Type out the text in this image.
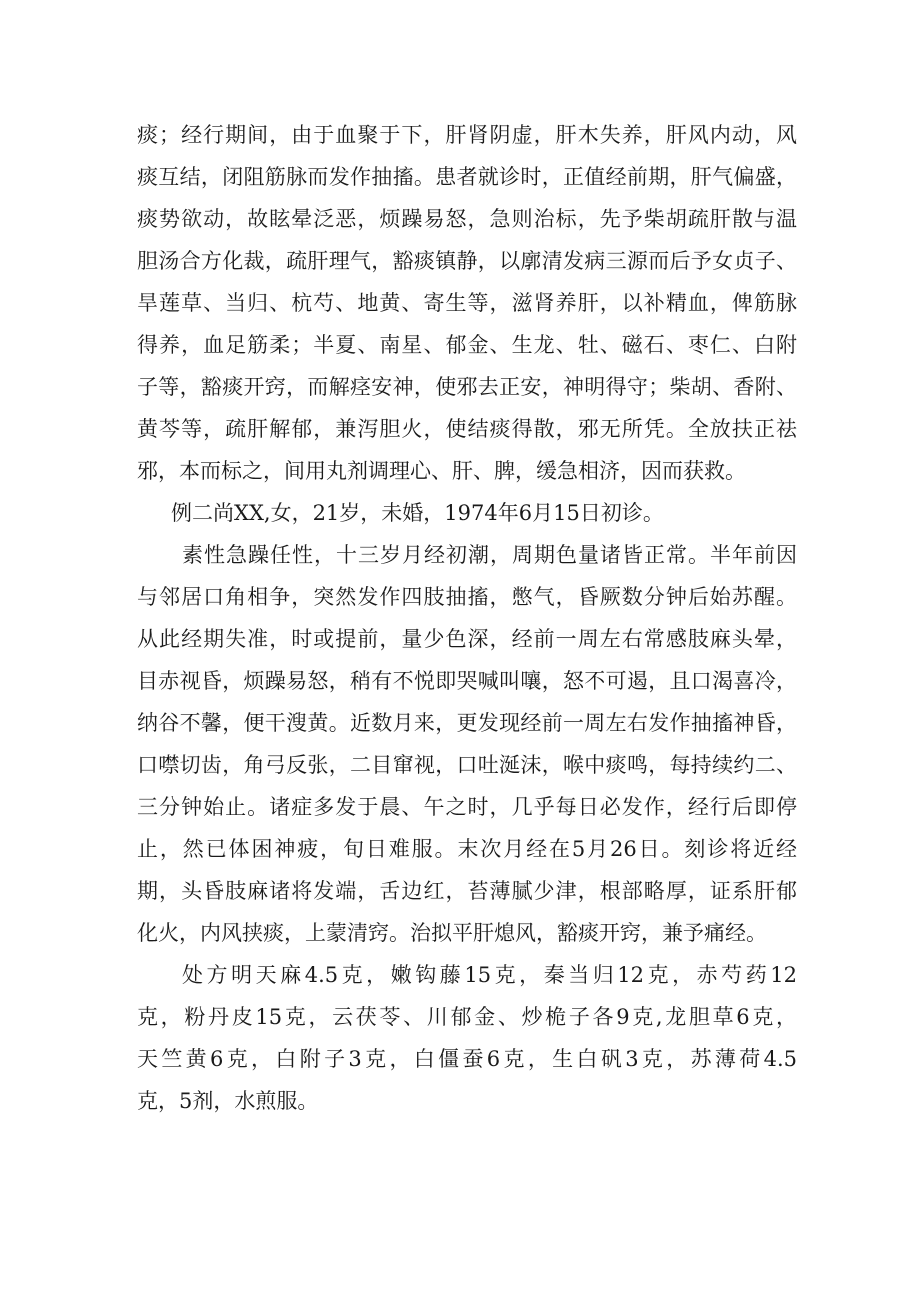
痰；经行期间，由于血聚于下，肝肾阴虚，肝木失养，肝风内动，风
痰互结，闭阻筋脉而发作抽搐。患者就诊时，正值经前期，肝气偏盛，
痰势欲动，故眩晕泛恶，烦躁易怒，急则治标，先予柴胡疏肝散与温
胆汤合方化裁，疏肝理气，豁痰镇静，以廓清发病三源而后予女贞子、
旱莲草、当归、杭芍、地黄、寄生等，滋肾养肝，以补精血，俾筋脉
得养，血足筋柔；半夏、南星、郁金、生龙、牡、磁石、枣仁、白附
子等，豁痰开窍，而解痉安神，使邪去正安，神明得守；柴胡、香附、
黄芩等，疏肝解郁，兼泻胆火，使结痰得散，邪无所凭。全放扶正祛
邪，本而标之，间用丸剂调理心、肝、脾，缓急相济，因而获救。
例二尚XX,女，21岁，未婚，1974年6月15日初诊。
素性急躁任性，十三岁月经初潮，周期色量诸皆正常。半年前因
与邻居口角相争，突然发作四肢抽搐，憋气，昏厥数分钟后始苏醒。
从此经期失准，时或提前，量少色深，经前一周左右常感肢麻头晕，
目赤视昏，烦躁易怒，稍有不悦即哭喊叫嚷，怒不可遏，且口渴喜冷，
纳谷不馨，便干溲黄。近数月来，更发现经前一周左右发作抽搐神昏，
口噤切齿，角弓反张，二目窜视，口吐涎沫，喉中痰鸣，每持续约二、
三分钟始止。诸症多发于晨、午之时，几乎每日必发作，经行后即停
止，然已体困神疲，旬日难服。末次月经在5月26日。刻诊将近经
期，头昏肢麻诸将发端，舌边红，苔薄腻少津，根部略厚，证系肝郁
化火，内风挟痰，上蒙清窍。治拟平肝熄风，豁痰开窍，兼予痛经。
处方明天麻4.5克，嫩钩藤15克，秦当归12克，赤芍药12
克，粉丹皮15克，云茯苓、川郁金、炒桅子各9克,龙胆草6克，
天竺黄6克，白附子3克，白僵蚕6克，生白矾3克，苏薄荷4.5
克，5剂，水煎服。
